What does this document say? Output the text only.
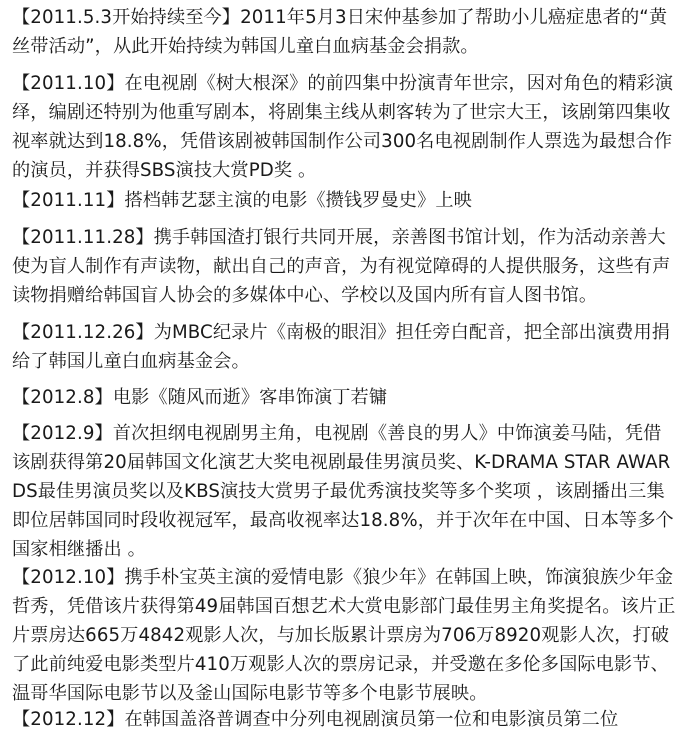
【2011.5.3开始持续至今】2011年5月3日宋仲基参加了帮助小儿癌症患者的“黄丝带活动”，从此开始持续为韩国儿童白血病基金会捐款。

【2011.10】在电视剧《树大根深》的前四集中扮演青年世宗，因对角色的精彩演绎，编剧还特别为他重写剧本，将剧集主线从刺客转为了世宗大王，该剧第四集收视率就达到18.8%，凭借该剧被韩国制作公司300名电视剧制作人票选为最想合作的演员，并获得SBS演技大赏PD奖 。

【2011.11】搭档韩艺瑟主演的电影《攒钱罗曼史》上映

【2011.11.28】携手韩国渣打银行共同开展，亲善图书馆计划，作为活动亲善大使为盲人制作有声读物，献出自己的声音，为有视觉障碍的人提供服务，这些有声读物捐赠给韩国盲人协会的多媒体中心、学校以及国内所有盲人图书馆。

【2011.12.26】为MBC纪录片《南极的眼泪》担任旁白配音，把全部出演费用捐给了韩国儿童白血病基金会。

【2012.8】电影《随风而逝》客串饰演丁若镛

【2012.9】首次担纲电视剧男主角，电视剧《善良的男人》中饰演姜马陆，凭借该剧获得第20届韩国文化演艺大奖电视剧最佳男演员奖、K-DRAMA STAR AWARDS最佳男演员奖以及KBS演技大赏男子最优秀演技奖等多个奖项 ，该剧播出三集即位居韩国同时段收视冠军，最高收视率达18.8%，并于次年在中国、日本等多个国家相继播出 。

【2012.10】携手朴宝英主演的爱情电影《狼少年》在韩国上映，饰演狼族少年金哲秀，凭借该片获得第49届韩国百想艺术大赏电影部门最佳男主角奖提名。该片正片票房达665万4842观影人次，与加长版累计票房为706万8920观影人次，打破了此前纯爱电影类型片410万观影人次的票房记录，并受邀在多伦多国际电影节、温哥华国际电影节以及釜山国际电影节等多个电影节展映。

【2012.12】在韩国盖洛普调查中分列电视剧演员第一位和电影演员第二位
